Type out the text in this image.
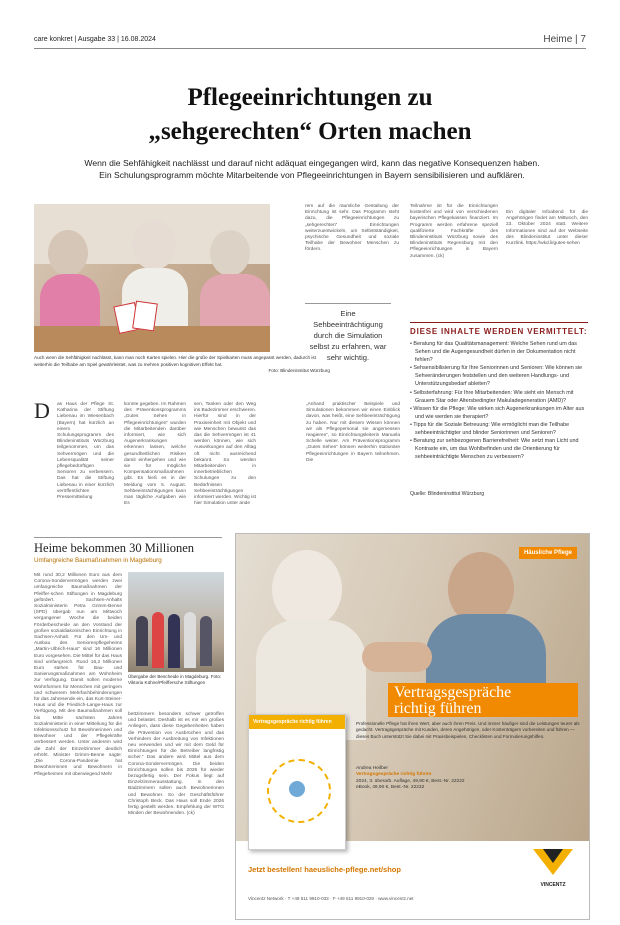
care konkret | Ausgabe 33 | 16.08.2024	Heime | 7
Pflegeeinrichtungen zu
„sehgerechten“ Orten machen
Wenn die Sehfähigkeit nachlässt und darauf nicht adäquat eingegangen wird, kann das negative Konsequenzen haben.
Ein Schulungsprogramm möchte Mitarbeitende von Pflegeeinrichtungen in Bayern sensibilisieren und aufklären.
Auch wenn die Sehfähigkeit nachlässt, kann man noch Karten spielen. Hier die große der Spielkarten muss angepasst werden, dadurch ist weiterhin die Teilhabe am Spiel gewährleistet, was zu mehren positiven kognitiven Effekt hat.
Foto: Blindeninstitut Würzburg
rem auf die räumliche Gestaltung der Einrichtung ist sehr. Das Programm steht dazu, die Pflegeeinrichtungen zu „sehgerechten“ Einrichtungen weiterzuentwickeln, um Selbstständigkeit, psychische Gesundheit und soziale Teilhabe der Bewohner Menschen zu fördern.
Teilnahme ist für die Einrichtungen kostenfrei und wird von verschiedenen bayerischen Pflegekassen finanziert. Im Programm werden erfahrene speziell qualifizierte Fachkräfte des Blindeninstituts Würzburg sowie des Blindeninstituts Regensburg mit den Pflegeeinrichtungen in Bayern zusammen. (ck)
Ein digitaler Infoabend für die Angehörigen findet am Mittwoch, den 23. Oktober 2024 statt. Weitere Informationen sind auf der Webseite des Blindeninstitut unter dieser Kurzlink. https://wkd.li/gutes-sehen
Eine Sehbeeinträchtigung durch die Simulation selbst zu erfahren, war sehr wichtig.
DIESE INHALTE WERDEN VERMITTELT:
• Beratung für das Qualitätsmanagement: Welche Sehen rund um das Sehen und die Augengesundheit dürfen in der Dokumentation nicht fehlen?
• Sehsensibilisierung für Ihre Seniorinnen und Senioren: Wie können sie Sehveränderungen feststellen und den weiteren Handlungs- und Unterstützungsbedarf ableiten?
• Selbsterfahrung: Für Ihre Mitarbeitenden: Wie sieht ein Mensch mit Grauem Star oder Altersbedingter Makuladegeneration (AMD)?
• Wissen für die Pflege: Wie wirken sich Augenerkrankungen im Alter aus und wie werden sie therapiert?
• Tipps für die Soziale Betreuung: Wie ermöglicht man die Teilhabe sehbeeinträchtigter und blinder Seniorinnen und Senioren?
• Beratung zur sehbezogenen Barrierefreiheit: Wie setzt man Licht und Kontraste ein, um das Wohlbefinden und die Orientierung für sehbeeinträchtigte Menschen zu verbessern?
Quelle: Blindeninstitut Würzburg
D as Haus der Pflege St. Katharina der Stiftung Liebenau im Wiesenbach (Bayern) hat kürzlich an einem Schulungsprogramm des Blindeninstituts Würzburg teilgenommen, um das Sehvermögen und die Lebensqualität seiner pflegebedürftigen Senioren zu verbessern. Das hat die Stiftung Liebenau in einer kürzlich veröffentlichten Pressemitteilung
konnte gegeben. Im Rahmen des Präventionsprogramms „Gutes Sehen in Pflegeeinrichtungen“ wurden die Mitarbeitenden darüber informiert, wie sich Augenerkrankungen erkennen lassen, welche gesundheitlichen Risiken damit einhergehen und wie sie für mögliche Kompensationsmaßnahmen gibt. Es hieß es in der Meldung vom 5. August. Sehbeeinträchtigungen kann man tägliche Aufgaben wie Es
sen, Tanken oder den Weg ins Badezimmer erschweren. Hierfür sind in der Praxiseinheit mit Objekt und wie Menschen bewusst das das die Sehvermögen ist 41 werden können, wie sich Auswirkungen auf den Alltag oft nicht ausreichend bekannt. So werden Mitarbeitenden in innerbetrieblichen Schulungen zu den Bedürfnissen Sehbeeinträchtigungen informiert werden. Wichtig ist hier Simulation unter ande
„Anhand praktischer Beispiele und Simulationen bekommen wir einen Einblick davon, was heißt, eine Sehbeeinträchtigung zu haben. Nur mit diesem Wissen können wir als Pflegepersonal sie angemessen reagieren“, so Einrichtungsleiterin Manuela Schelle weiter. Am Präventionsprogramm „Gutes Sehen“ können weiterhin stationäre Pflegeeinrichtungen in Bayern teilnehmen. Die
Heime bekommen 30 Millionen
Umfangreiche Baumaßnahmen in Magdeburg
Mit rund 30,2 Millionen Euro aus dem Corona-Sondervermögen werden zwei umfangreiche Baumaßnahmen der Pfeiffer-schen Stiftungen in Magdeburg gefördert. Sachsen-Anhalts Sozialministerin Petra Grimm-Benne (SPD) übergab nun am Mittwoch vergangener Woche die beiden Förderbescheide an den Vorstand der großen sozialdiakonischen Einrichtung in Sachsen-Anhalt. Für den Um- und Ausbau des Seniorenpflegeheims „Martin-Ulbrich-Haus“ sind 16 Millionen Euro vorgesehen. Die Mittel für das Haus sind umfangreich. Rund 16,2 Millionen Euro stehen für Bau- und Sanierungsmaßnahmen am Wohnheim zur Verfügung. Damit sollen moderne Wohnformen für Menschen mit geringem und schwerem Mehrfachbehinderungen für das Jahresende ein, das Kurt-Steiner-Haus und die Friedrich-Lange-Haus zur Verfügung. Mit den Baumaßnahmen soll bis Mitte nächsten Jahres Sozialministerin in einer Mitteilung für die Infektionsschutz für Bewohnerinnen und Bewohner und der Pflegekräfte verbessert werden. Unter anderem wird die Zahl der Einzelzimmer deutlich erhöht. Minister Grimm-Benne sagte: „Die Corona-Pandemie hat Bewohnerinnen und Bewohnern in Pflegeheimen mit überwiegend Mehr
Übergabe der Bescheide in Magdeburg. Foto: Viktoria Kühne/Pfeiffersche Stiftungen
bettzimmern besonders schwer getroffen und belastet. Deshalb ist es mir ein großes Anliegen, dass diese Gegebenheiten haben die Prävention von Ausbrüchen und das Verhindern der Ausbreitung von Infektionen neu verwenden und wir mit dem Geld für Einrichtungen für die Betreiber langfristig sicher.“ Das andere wird Mittel aus dem Corona-Sondervermögen. Die beiden Einrichtungen sollen bis 2026 für wieder bezugsfertig sein. Der Fokus liegt auf Einzelzimmerausstattung. In den Badzimmern sollen auch Bewohnerinnen und Bewohner. So der Geschäftsführer Christoph Beck. Das Haus soll Ende 2026 fertig gestellt werden. Empfehlung der WTG Minden der Bewohnenden. (ck)
Häusliche Pflege
Vertragsgespräche
richtig führen
Vertragsgespräche richtig führen	Professionelle Pflege hat ihren Wert, aber auch ihren Preis. Und immer häufiger sind die Leistungen teurer als gedacht. Vertragsgespräche mit Kunden, deren Angehörigen, oder Kostenträgern vorbereiten und führen — dieses Buch unterstützt Sie dabei mit Praxisbeispielen, Checklisten und Formulierungshilfen.
Andrea Heilber
Vertragsgespräche richtig führen
2024, 3. überarb. Auflage, 49,90 €, Best.-Nr. 22222
eBook, 49,90 €, Best.-Nr. 22232
Jetzt bestellen! haeusliche-pflege.net/shop
Vincentz Network · T +49 511 9910-033 · F +49 511 9910-029 · www.vincentz.net
VINCENTZ
